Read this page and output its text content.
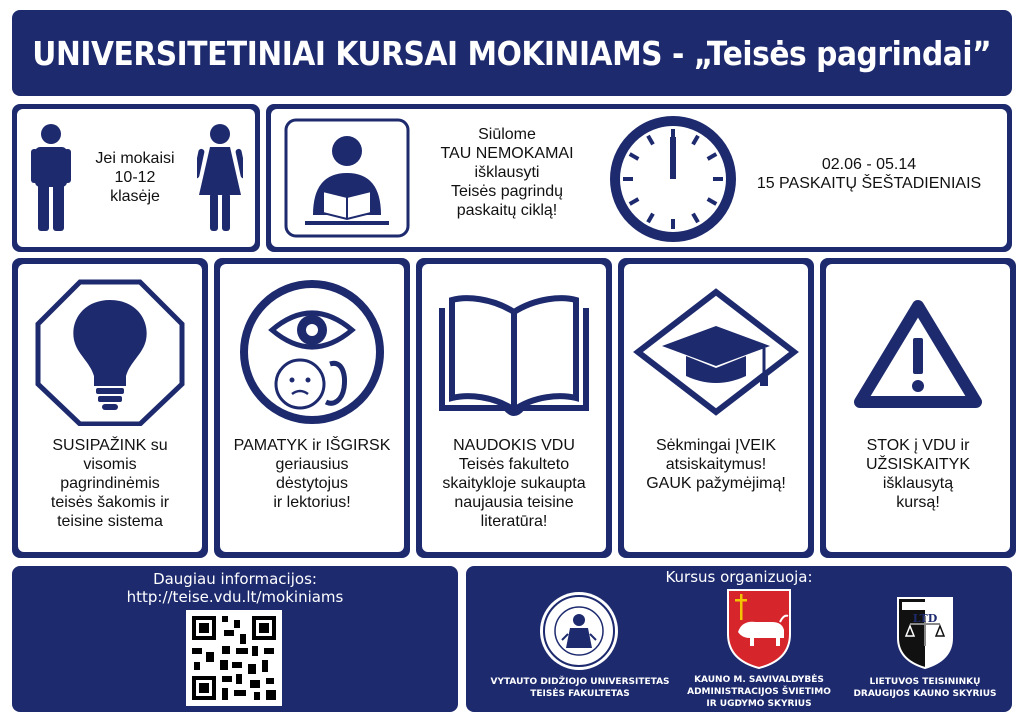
UNIVERSITETINIAI KURSAI MOKINIAMS - „Teisės pagrindai”
Jei mokaisi
10-12
klasėje
Siūlome
TAU NEMOKAMAI
išklausyti
Teisės pagrindų
paskaitų ciklą!
02.06 - 05.14
15 PASKAITŲ ŠEŠTADIENIAIS
SUSIPAŽINK su
visomis
pagrindinėmis
teisės šakomis ir
teisine sistema
PAMATYK ir IŠGIRSK
geriausius
dėstytojus
ir lektorius!
NAUDOKIS VDU
Teisės fakulteto
skaitykloje sukaupta
naujausia teisine
literatūra!
Sėkmingai ĮVEIK
atsiskaitymus!
GAUK pažymėjimą!
STOK į VDU ir
UŽSISKAITYK
išklausytą
kursą!
Daugiau informacijos:
http://teise.vdu.lt/mokiniams
Kursus organizuoja:
VYTAUTO DIDŽIOJO UNIVERSITETAS
TEISĖS FAKULTETAS
KAUNO M. SAVIVALDYBĖS
ADMINISTRACIJOS ŠVIETIMO
IR UGDYMO SKYRIUS
LTD
LIETUVOS TEISININKŲ
DRAUGIJOS KAUNO SKYRIUS
